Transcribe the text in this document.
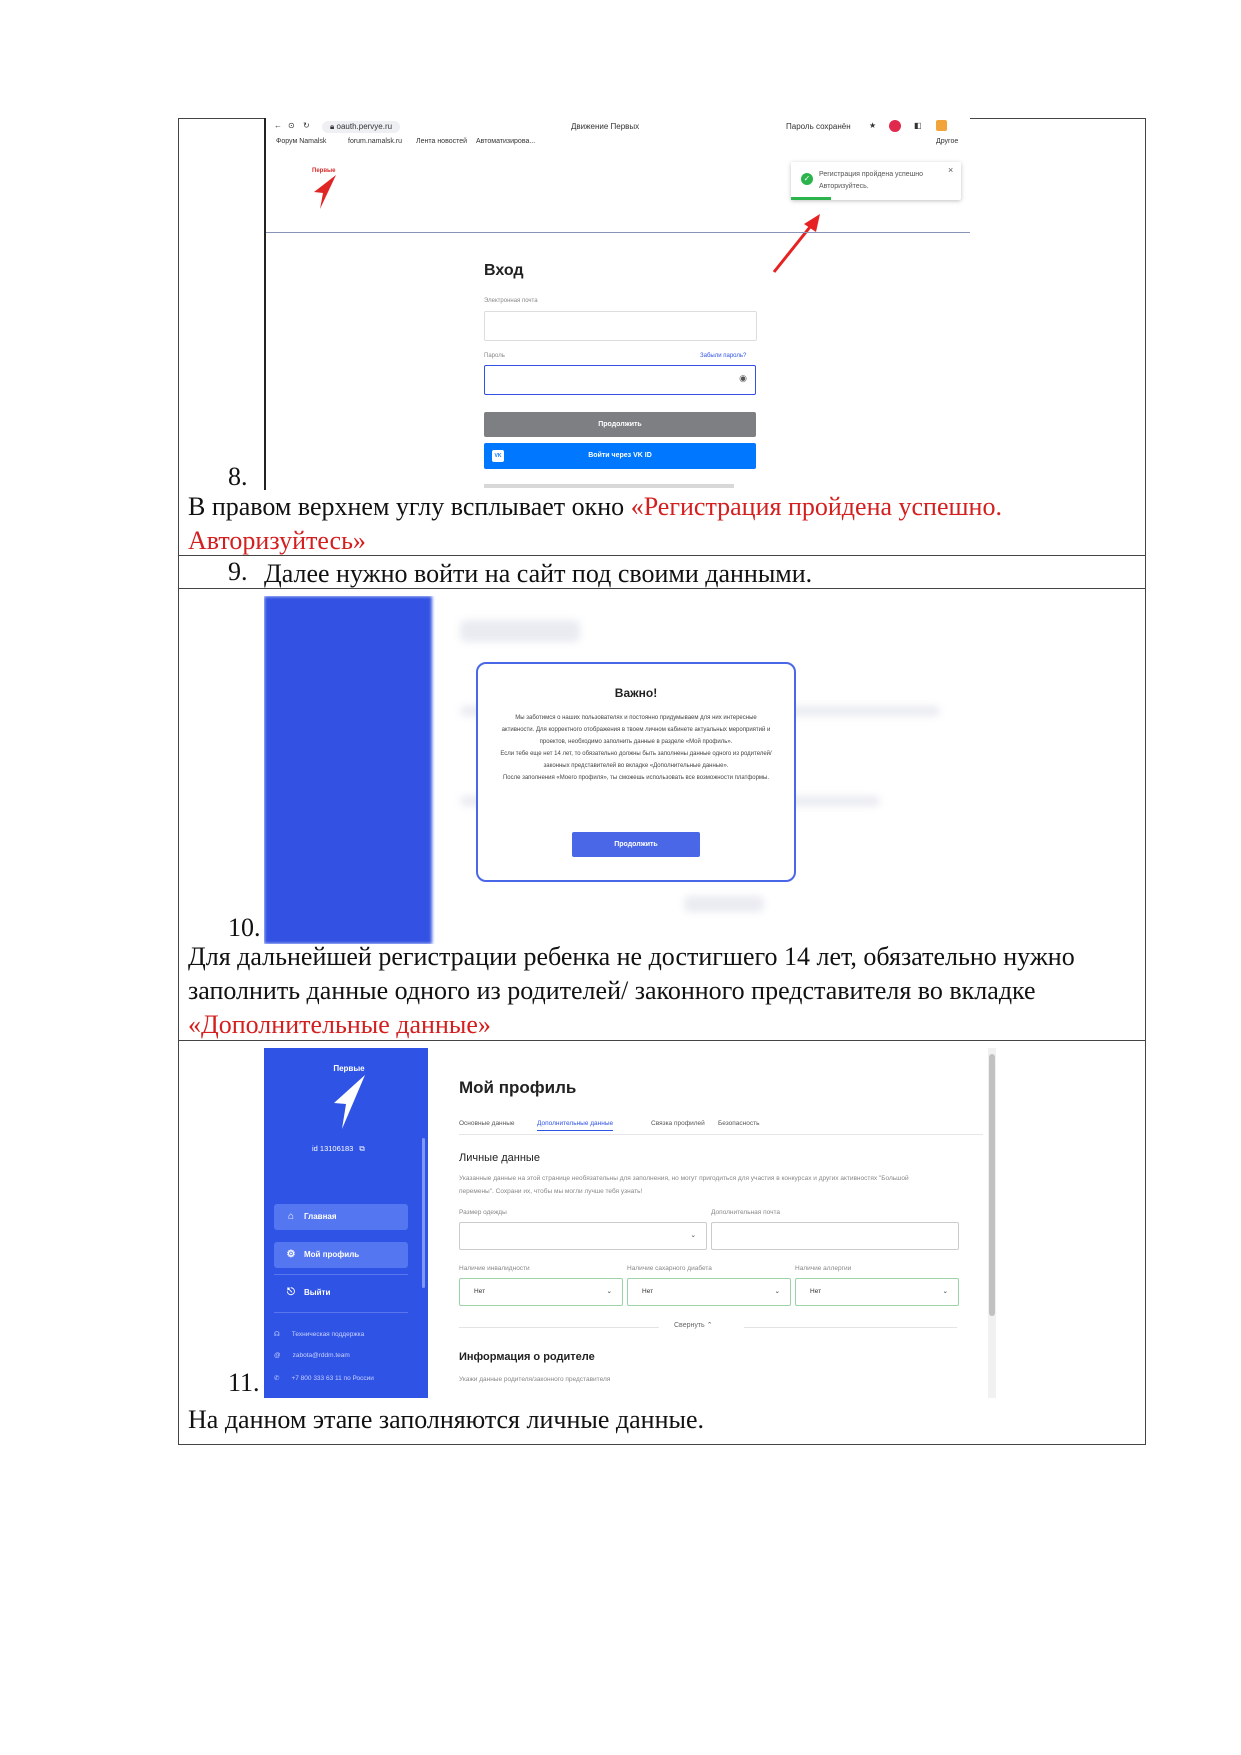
8.
← ⊙ ↻	🔒︎ oauth.pervye.ru	Движение Первых	Пароль сохранён ★	◧
Форум Namalsk	forum.namalsk.ru Лента новостей Автоматизирова...	Другое
Первые
✓	Регистрация пройдена успешно
Авторизуйтесь.
×
Вход
Электронная почта
Пароль	Забыли пароль?
◉
Продолжить
VK	Войти через VK ID
В правом верхнем углу всплывает окно «Регистрация пройдена успешно.
Авторизуйтесь»
9. Далее нужно войти на сайт под своими данными.
10.
Важно!
Мы заботимся о наших пользователях и постоянно придумываем для них интересные активности. Для корректного отображения в твоем личном кабинете актуальных мероприятий и проектов, необходимо заполнить данные в разделе «Мой профиль».
Если тебе еще нет 14 лет, то обязательно должны быть заполнены данные одного из родителей/законных представителей во вкладке «Дополнительные данные».
После заполнения «Моего профиля», ты сможешь использовать все возможности платформы.
Продолжить
Для дальнейшей регистрации ребенка не достигшего 14 лет, обязательно нужно заполнить данные одного из родителей/ законного представителя во вкладке «Дополнительные данные»
11.
Первые
id 13106183 ⧉
⌂ Главная
⚙ Мой профиль
⎋ Выйти
☊ Техническая поддержка
@ zabota@rddm.team
✆ +7 800 333 63 11 по России
Мой профиль
Основные данные	Дополнительные данные	Связка профилей Безопасность
Личные данные
Указанные данные на этой странице необязательны для заполнения, но могут пригодиться для участия в конкурсах и других активностях "Большой перемены". Сохрани их, чтобы мы могли лучше тебя узнать!
Размер одежды
⌄
Дополнительная почта
Наличие инвалидности
Нет	⌄
Наличие сахарного диабета
Нет	⌄
Наличие аллергии
Нет	⌄
Свернуть ⌃
Информация о родителе
Укажи данные родителя/законного представителя
На данном этапе заполняются личные данные.
